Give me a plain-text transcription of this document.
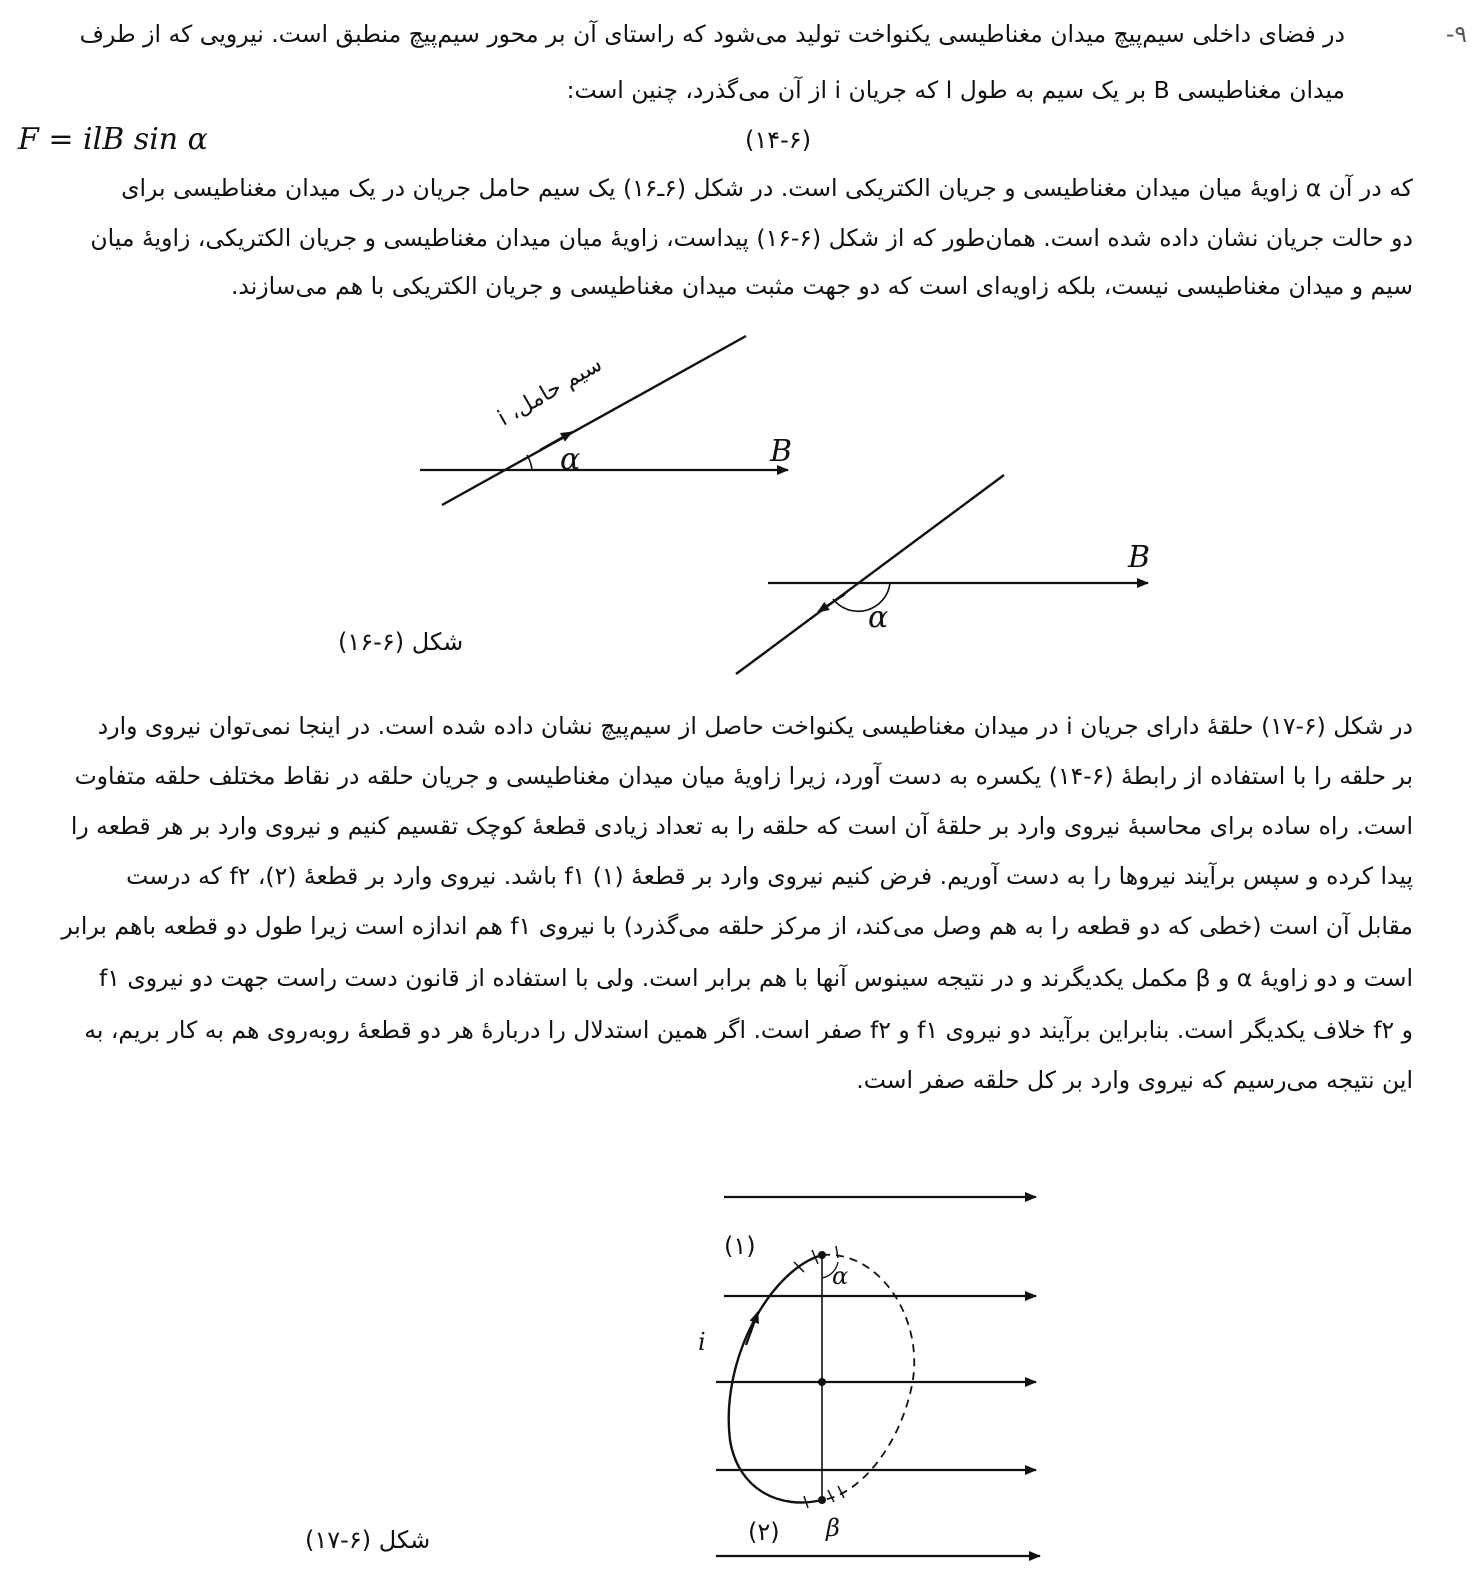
-۹
در فضای داخلی سیم‌پیچ میدان مغناطیسی یکنواخت تولید می‌شود که راستای آن بر محور سیم‌پیچ منطبق است. نیرویی که از طرف
میدان مغناطیسی B بر یک سیم به طول l که جریان i از آن می‌گذرد، چنین است:
F = ilB sin α	(۱۴-۶)
که در آن α زاویهٔ میان میدان مغناطیسی و جریان الکتریکی است. در شکل (۶ـ۱۶) یک سیم حامل جریان در یک میدان مغناطیسی برای
دو حالت جریان نشان داده شده است. همان‌طور که از شکل (۶-۱۶) پیداست، زاویهٔ میان میدان مغناطیسی و جریان الکتریکی، زاویهٔ میان
سیم و میدان مغناطیسی نیست، بلکه زاویه‌ای است که دو جهت مثبت میدان مغناطیسی و جریان الکتریکی با هم می‌سازند.
سیم حامل، i
B
α
B
α
شکل (۶-۱۶)
در شکل (۶-۱۷) حلقهٔ دارای جریان i در میدان مغناطیسی یکنواخت حاصل از سیم‌پیچ نشان داده شده است. در اینجا نمی‌توان نیروی وارد
بر حلقه را با استفاده از رابطهٔ (۶-۱۴) یکسره به دست آورد، زیرا زاویهٔ میان میدان مغناطیسی و جریان حلقه در نقاط مختلف حلقه متفاوت
است. راه ساده برای محاسبهٔ نیروی وارد بر حلقهٔ آن است که حلقه را به تعداد زیادی قطعهٔ کوچک تقسیم کنیم و نیروی وارد بر هر قطعه را
پیدا کرده و سپس برآیند نیروها را به دست آوریم. فرض کنیم نیروی وارد بر قطعهٔ (۱) f۱ باشد. نیروی وارد بر قطعهٔ (۲)، f۲ که درست
مقابل آن است (خطی که دو قطعه را به هم وصل می‌کند، از مرکز حلقه می‌گذرد) با نیروی f۱ هم اندازه است زیرا طول دو قطعه باهم برابر
است و دو زاویهٔ α و β مکمل یکدیگرند و در نتیجه سینوس آنها با هم برابر است. ولی با استفاده از قانون دست راست جهت دو نیروی f۱
و f۲ خلاف یکدیگر است. بنابراین برآیند دو نیروی f۱ و f۲ صفر است. اگر همین استدلال را دربارهٔ هر دو قطعهٔ روبه‌روی هم به کار بریم، به
این نتیجه می‌رسیم که نیروی وارد بر کل حلقه صفر است.
(۱)
(۲)
i
α
β
شکل (۶-۱۷)
